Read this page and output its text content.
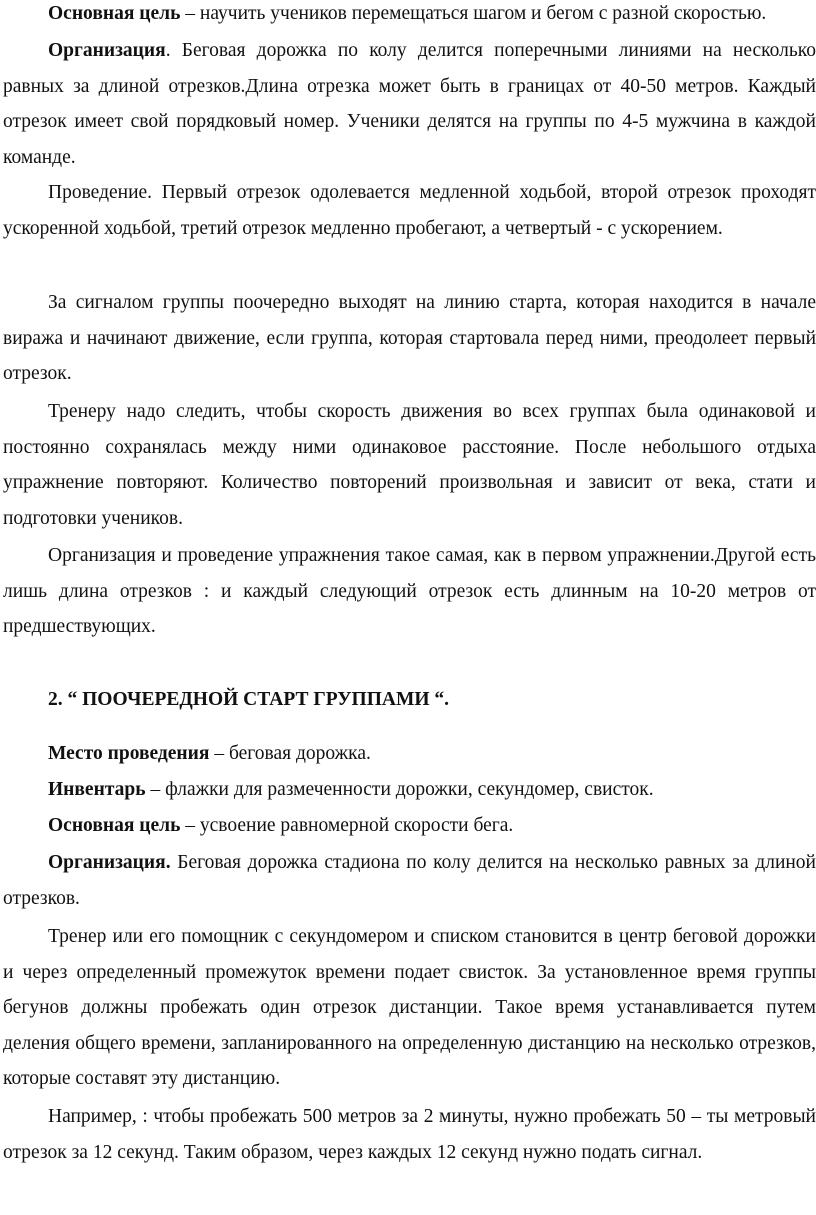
Основная цель – научить учеников перемещаться шагом и бегом с разной скоростью.

Организация. Беговая дорожка по колу делится поперечными линиями на несколько равных за длиной отрезков.Длина отрезка может быть в границах от 40-50 метров. Каждый отрезок имеет свой порядковый номер. Ученики делятся на группы по 4-5 мужчина в каждой команде.

Проведение. Первый отрезок одолевается медленной ходьбой, второй отрезок проходят ускоренной ходьбой, третий отрезок медленно пробегают, а четвертый - с ускорением.

За сигналом группы поочередно выходят на линию старта, которая находится в начале виража и начинают движение, если группа, которая стартовала перед ними, преодолеет первый отрезок.

Тренеру надо следить, чтобы скорость движения во всех группах была одинаковой и постоянно сохранялась между ними одинаковое расстояние. После небольшого отдыха упражнение повторяют. Количество повторений произвольная и зависит от века, стати и подготовки учеников.

Организация и проведение упражнения такое самая, как в первом упражнении.Другой есть лишь длина отрезков : и каждый следующий отрезок есть длинным на 10-20 метров от предшествующих.

2. “ ПООЧЕРЕДНОЙ СТАРТ ГРУППАМИ “.

Место проведения – беговая дорожка.

Инвентарь – флажки для размеченности дорожки, секундомер, свисток.

Основная цель – усвоение равномерной скорости бега.

Организация. Беговая дорожка стадиона по колу делится на несколько равных за длиной отрезков.

Тренер или его помощник с секундомером и списком становится в центр беговой дорожки и через определенный промежуток времени подает свисток. За установленное время группы бегунов должны пробежать один отрезок дистанции. Такое время устанавливается путем деления общего времени, запланированного на определенную дистанцию на несколько отрезков, которые составят эту дистанцию.

Например, : чтобы пробежать 500 метров за 2 минуты, нужно пробежать 50 – ты метровый отрезок за 12 секунд. Таким образом, через каждых 12 секунд нужно подать сигнал.
